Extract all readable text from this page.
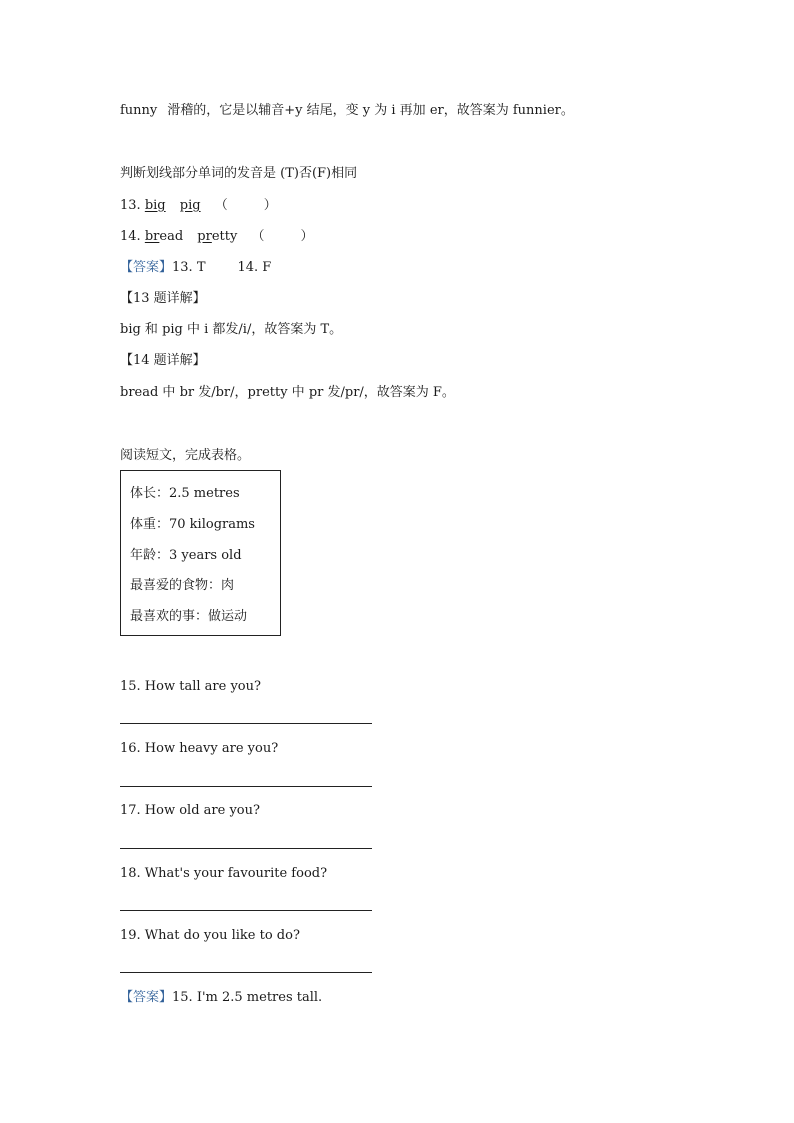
funny 滑稽的，它是以辅音+y 结尾，变 y 为 i 再加 er，故答案为 funnier。
判断划线部分单词的发音是 (T)否(F)相同
13. big pig （	）
14. bread pretty （	）
【答案】13. T 14. F
【13 题详解】
big 和 pig 中 i 都发/i/，故答案为 T。
【14 题详解】
bread 中 br 发/br/，pretty 中 pr 发/pr/，故答案为 F。
阅读短文，完成表格。
体长：2.5 metres
体重：70 kilograms
年龄：3 years old
最喜爱的食物：肉
最喜欢的事：做运动
15. How tall are you?
16. How heavy are you?
17. How old are you?
18. What's your favourite food?
19. What do you like to do?
【答案】15. I'm 2.5 metres tall.
